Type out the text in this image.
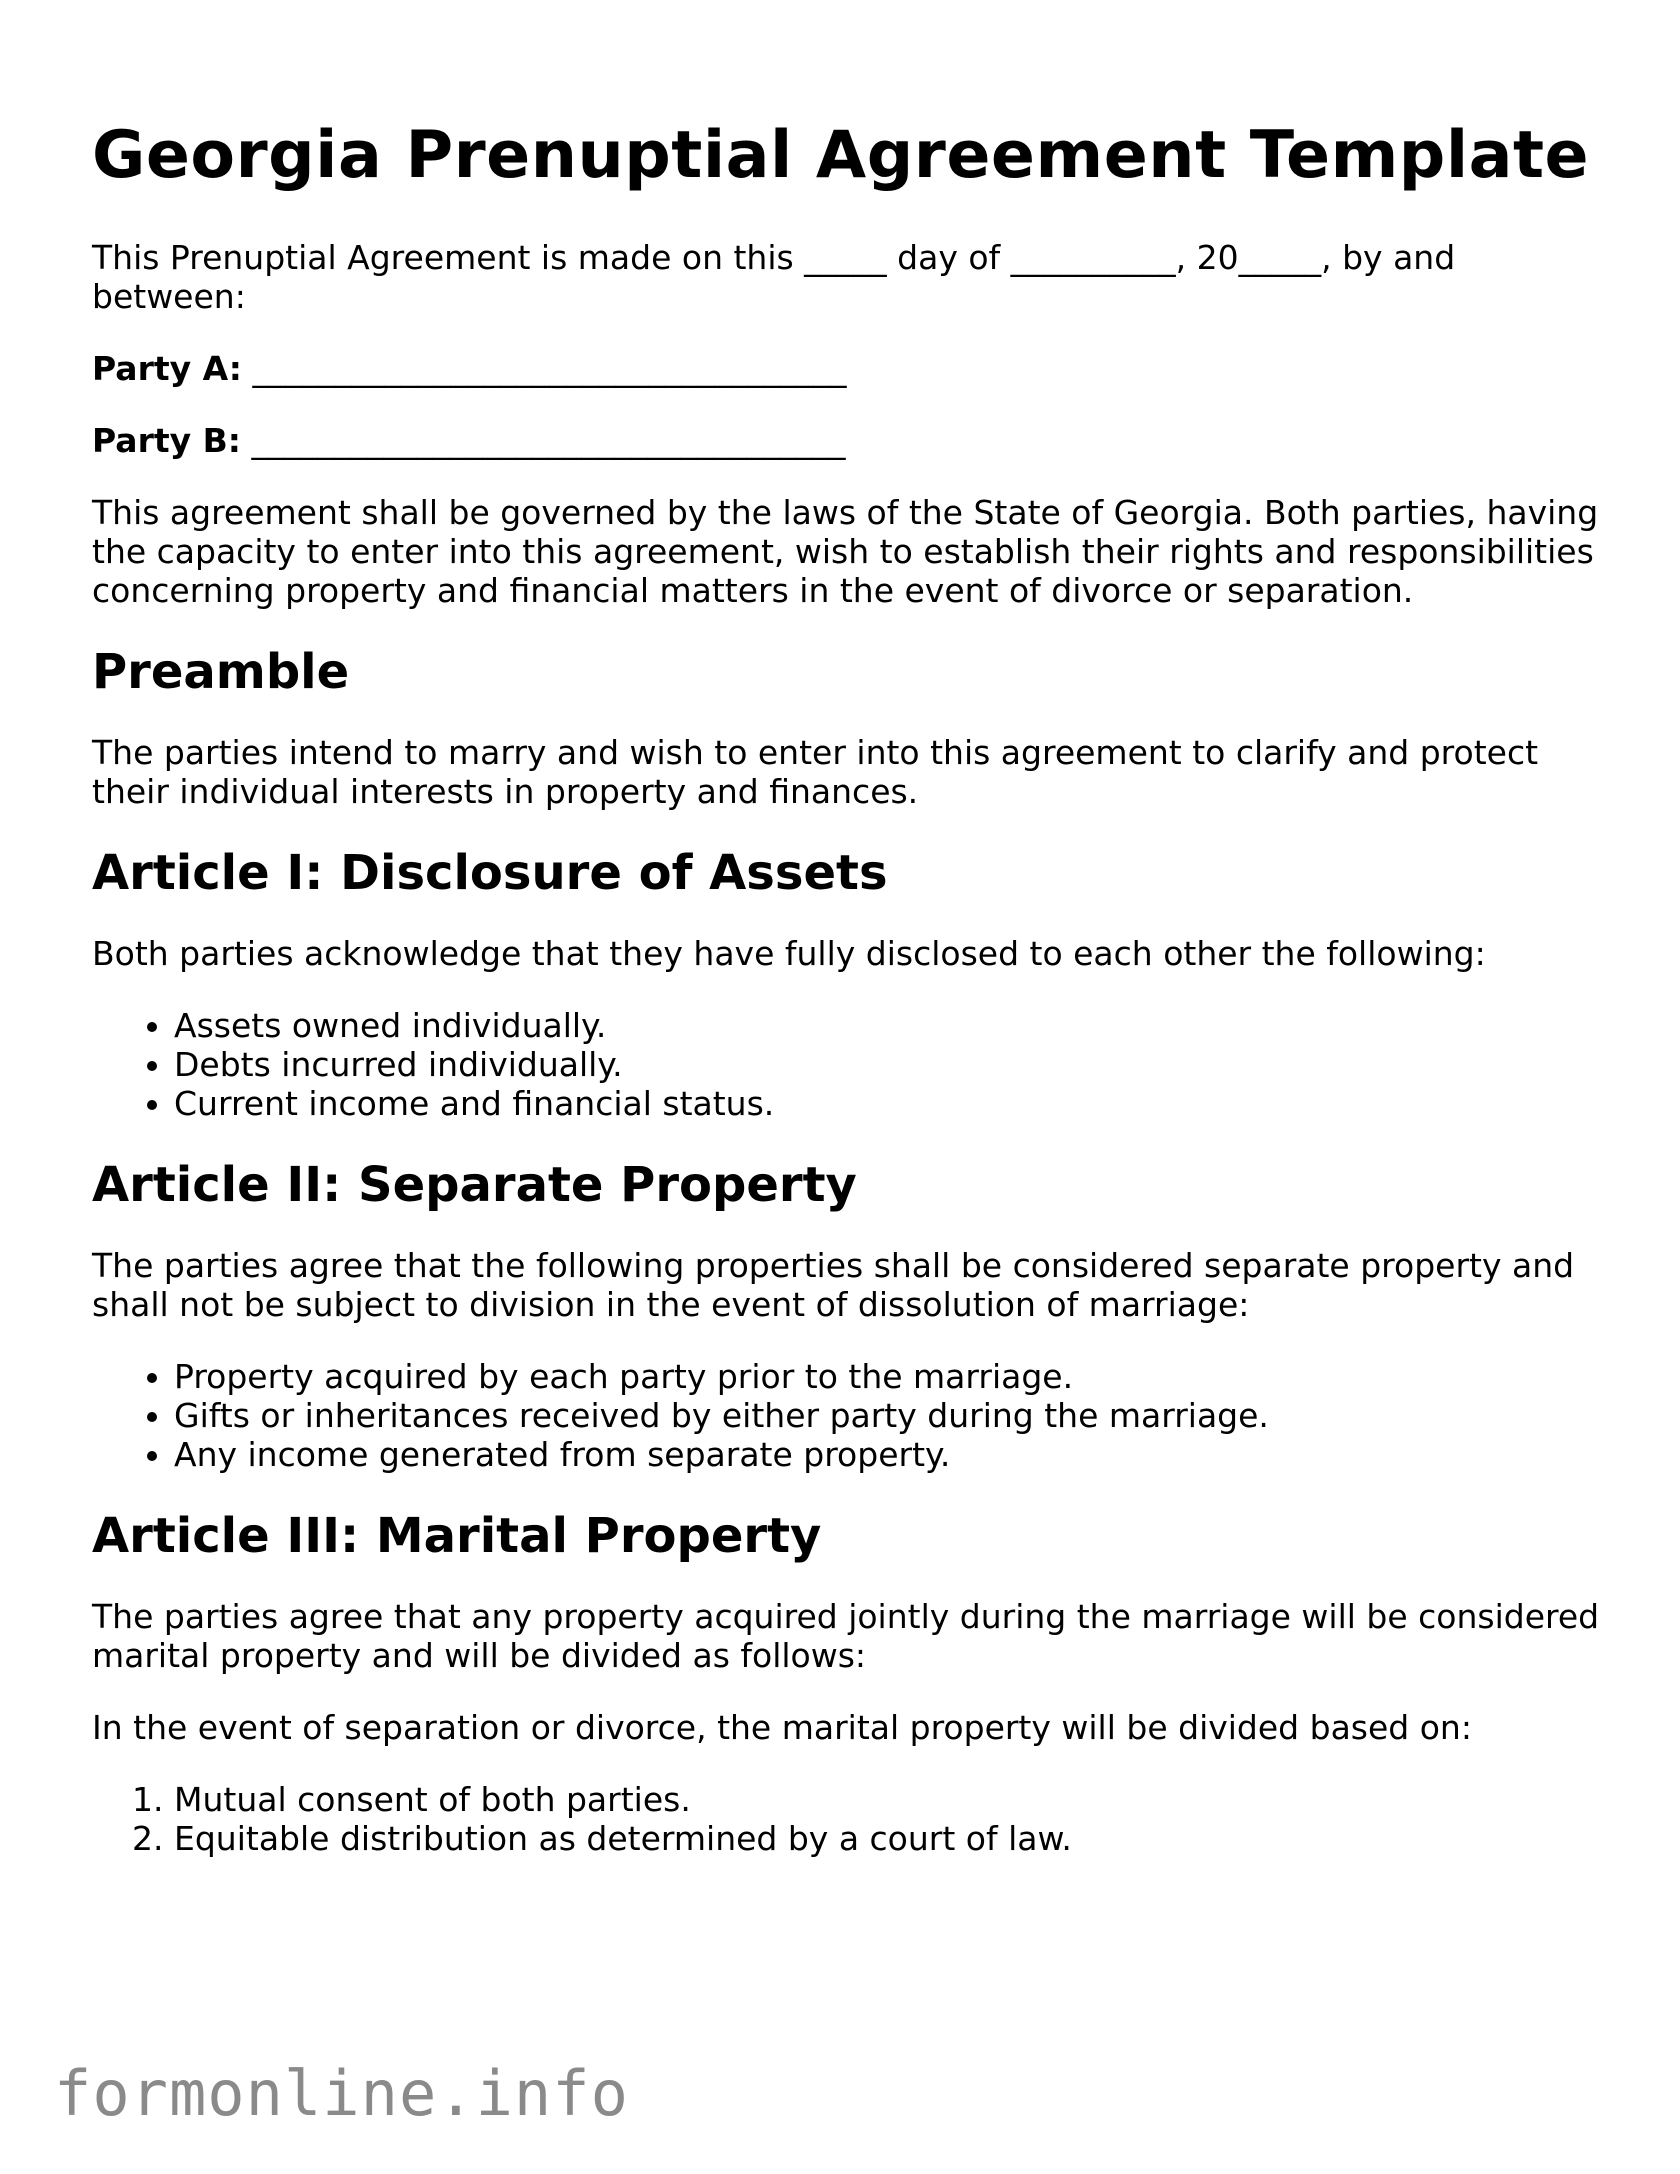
Georgia Prenuptial Agreement Template

This Prenuptial Agreement is made on this _____ day of __________, 20_____, by and between:

Party A: ____________________________________
Party B: ____________________________________

This agreement shall be governed by the laws of the State of Georgia. Both parties, having the capacity to enter into this agreement, wish to establish their rights and responsibilities concerning property and financial matters in the event of divorce or separation.

Preamble

The parties intend to marry and wish to enter into this agreement to clarify and protect their individual interests in property and finances.

Article I: Disclosure of Assets

Both parties acknowledge that they have fully disclosed to each other the following:

• Assets owned individually.
• Debts incurred individually.
• Current income and financial status.
Article II: Separate Property

The parties agree that the following properties shall be considered separate property and shall not be subject to division in the event of dissolution of marriage:

• Property acquired by each party prior to the marriage.
• Gifts or inheritances received by either party during the marriage.
• Any income generated from separate property.
Article III: Marital Property

The parties agree that any property acquired jointly during the marriage will be considered marital property and will be divided as follows:

In the event of separation or divorce, the marital property will be divided based on:

1. Mutual consent of both parties.
2. Equitable distribution as determined by a court of law.
formonline.info
